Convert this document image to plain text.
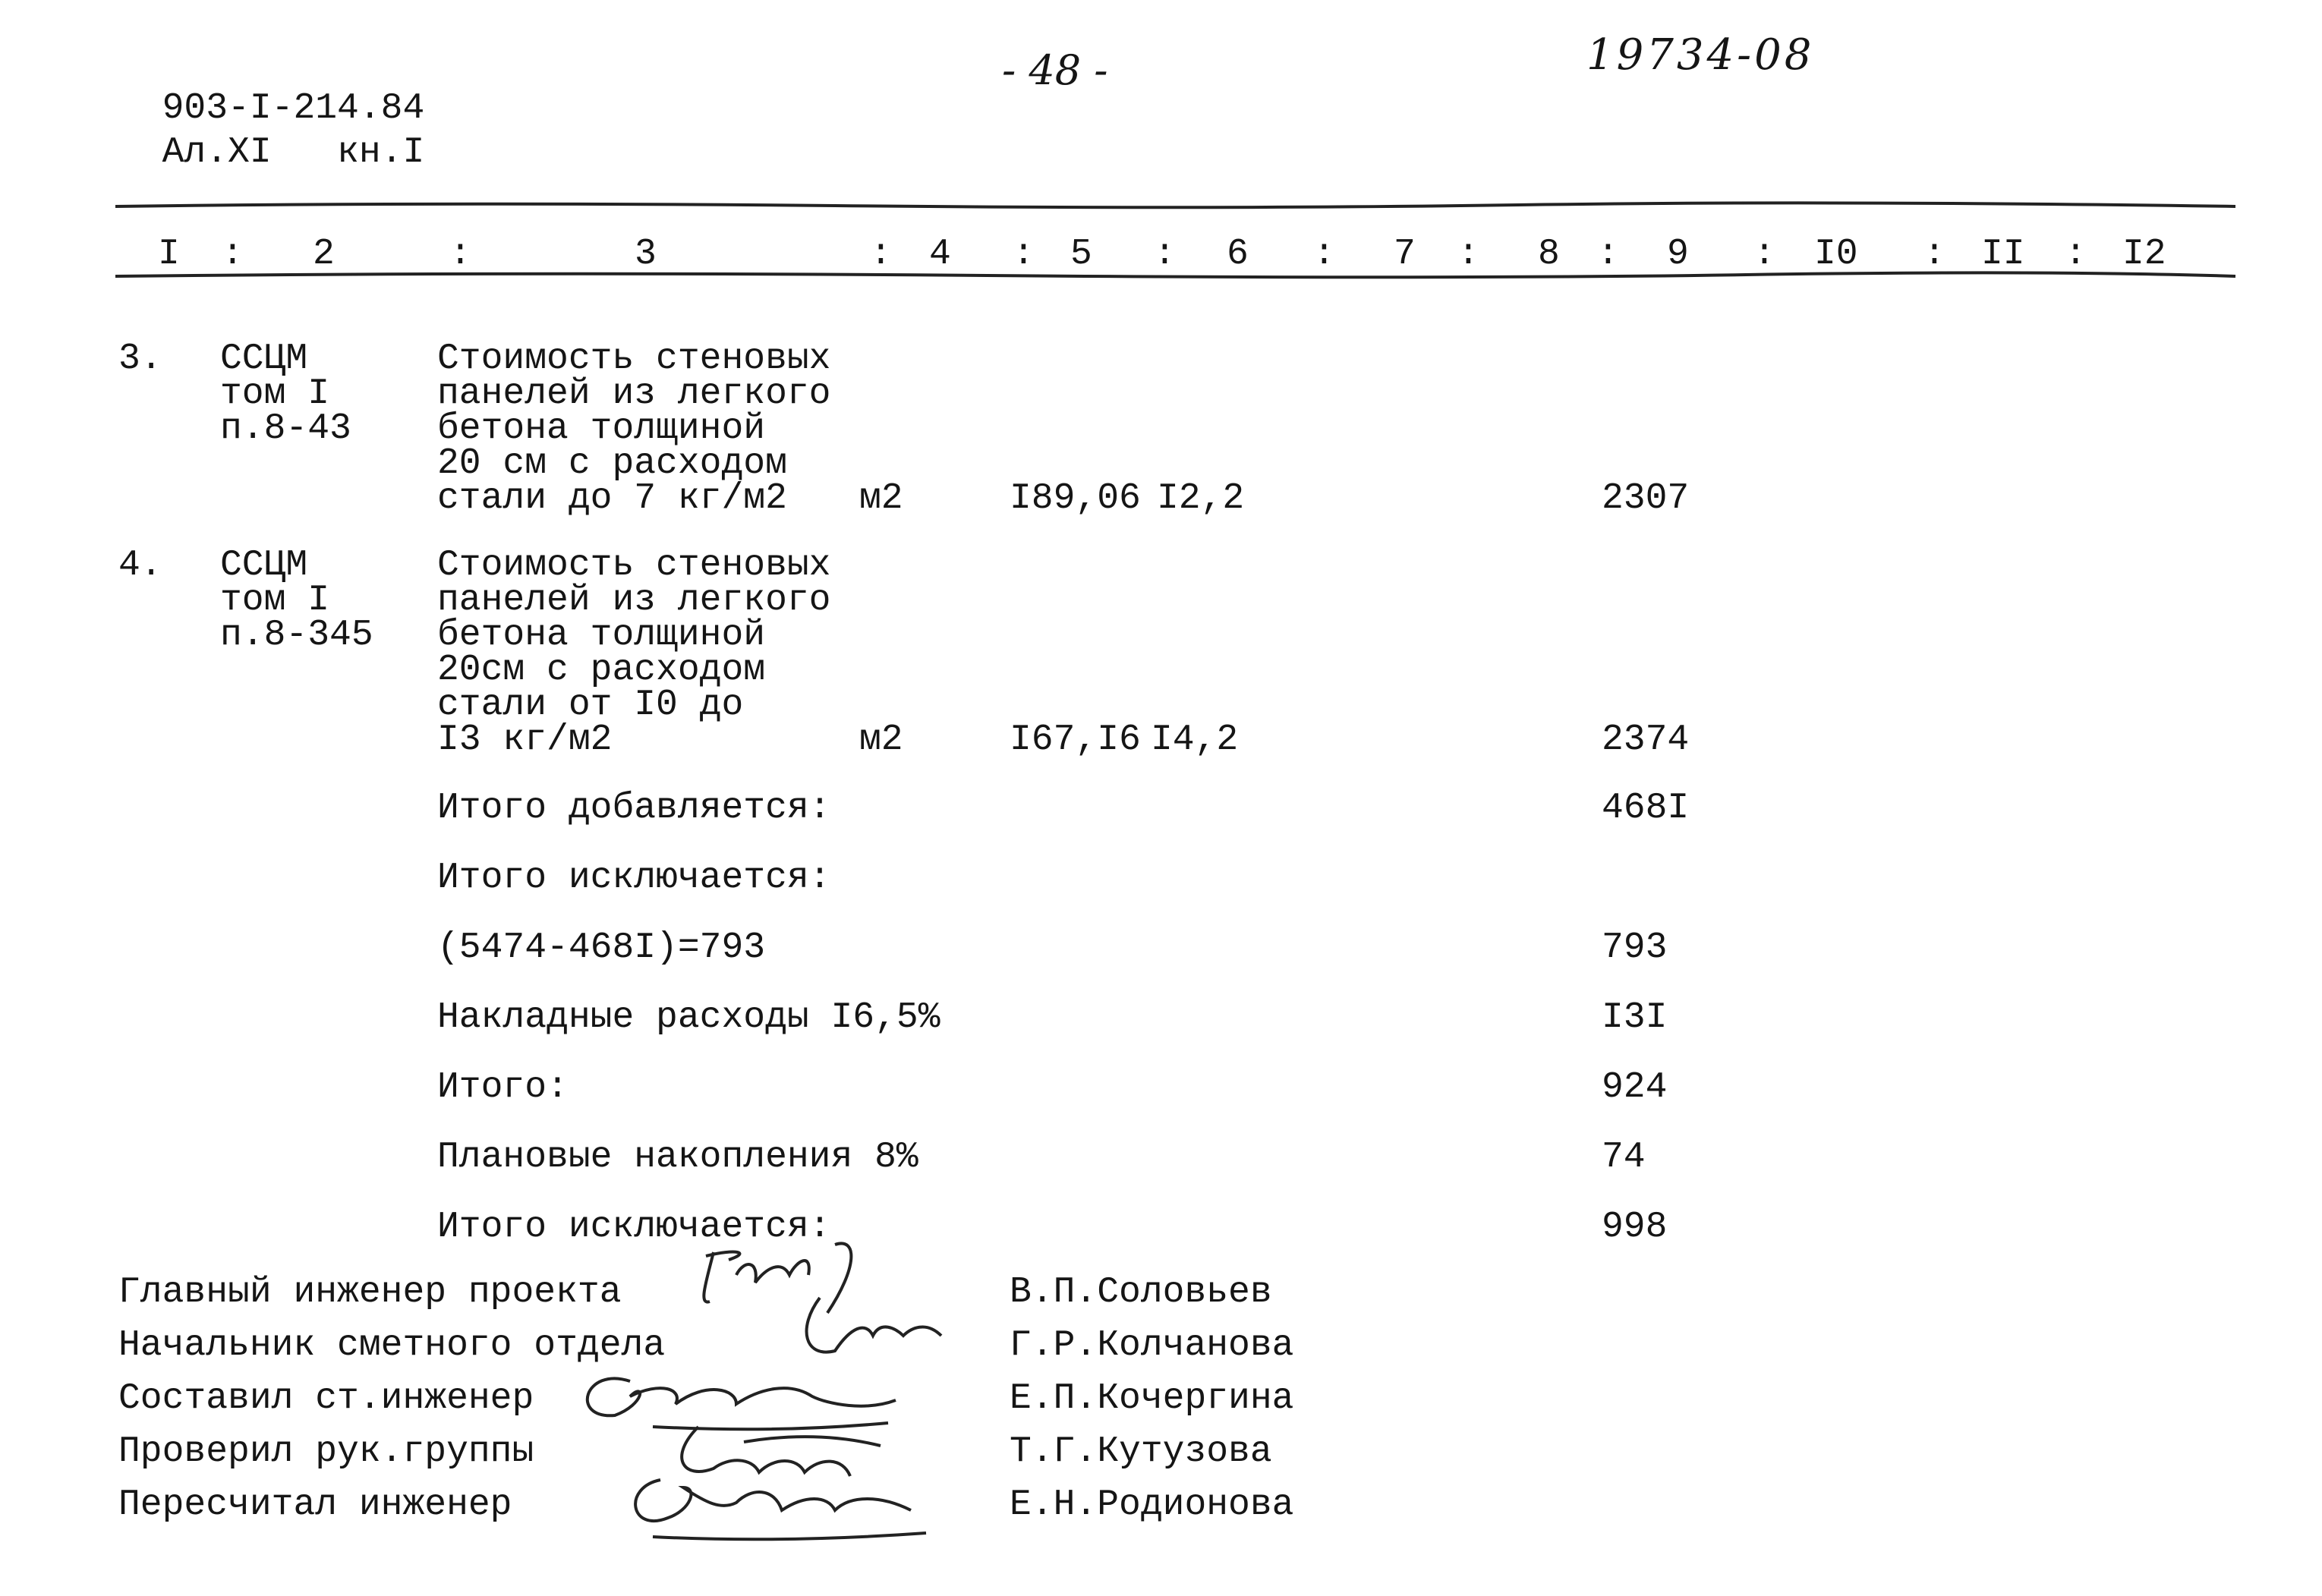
903-I-214.84

Ал.XI кн.I

- 48 -	19734-08
I : 2	:	3	: 4 : 5 : 6 : 7 : 8 : 9 : I0 : II : I2
3. ССЦМ
том I
п.8-43
Стоимость стеновых
панелей из легкого
бетона толщиной
20 см с расходом
стали до 7 кг/м2	м2	I89,06 I2,2	2307
4. ССЦМ
том I
п.8-345
Стоимость стеновых
панелей из легкого
бетона толщиной
20см с расходом
стали от I0 до
I3 кг/м2	м2	I67,I6 I4,2	2374
Итого добавляется:	468I
Итого исключается:
(5474-468I)=793	793
Накладные расходы I6,5%	I3I
Итого:	924
Плановые накопления 8%	74
Итого исключается:	998
Главный инженер проекта	В.П.Соловьев
Начальник сметного отдела	Г.Р.Колчанова
Составил ст.инженер	Е.П.Кочергина
Проверил рук.группы	Т.Г.Кутузова
Пересчитал инженер	Е.Н.Родионова
